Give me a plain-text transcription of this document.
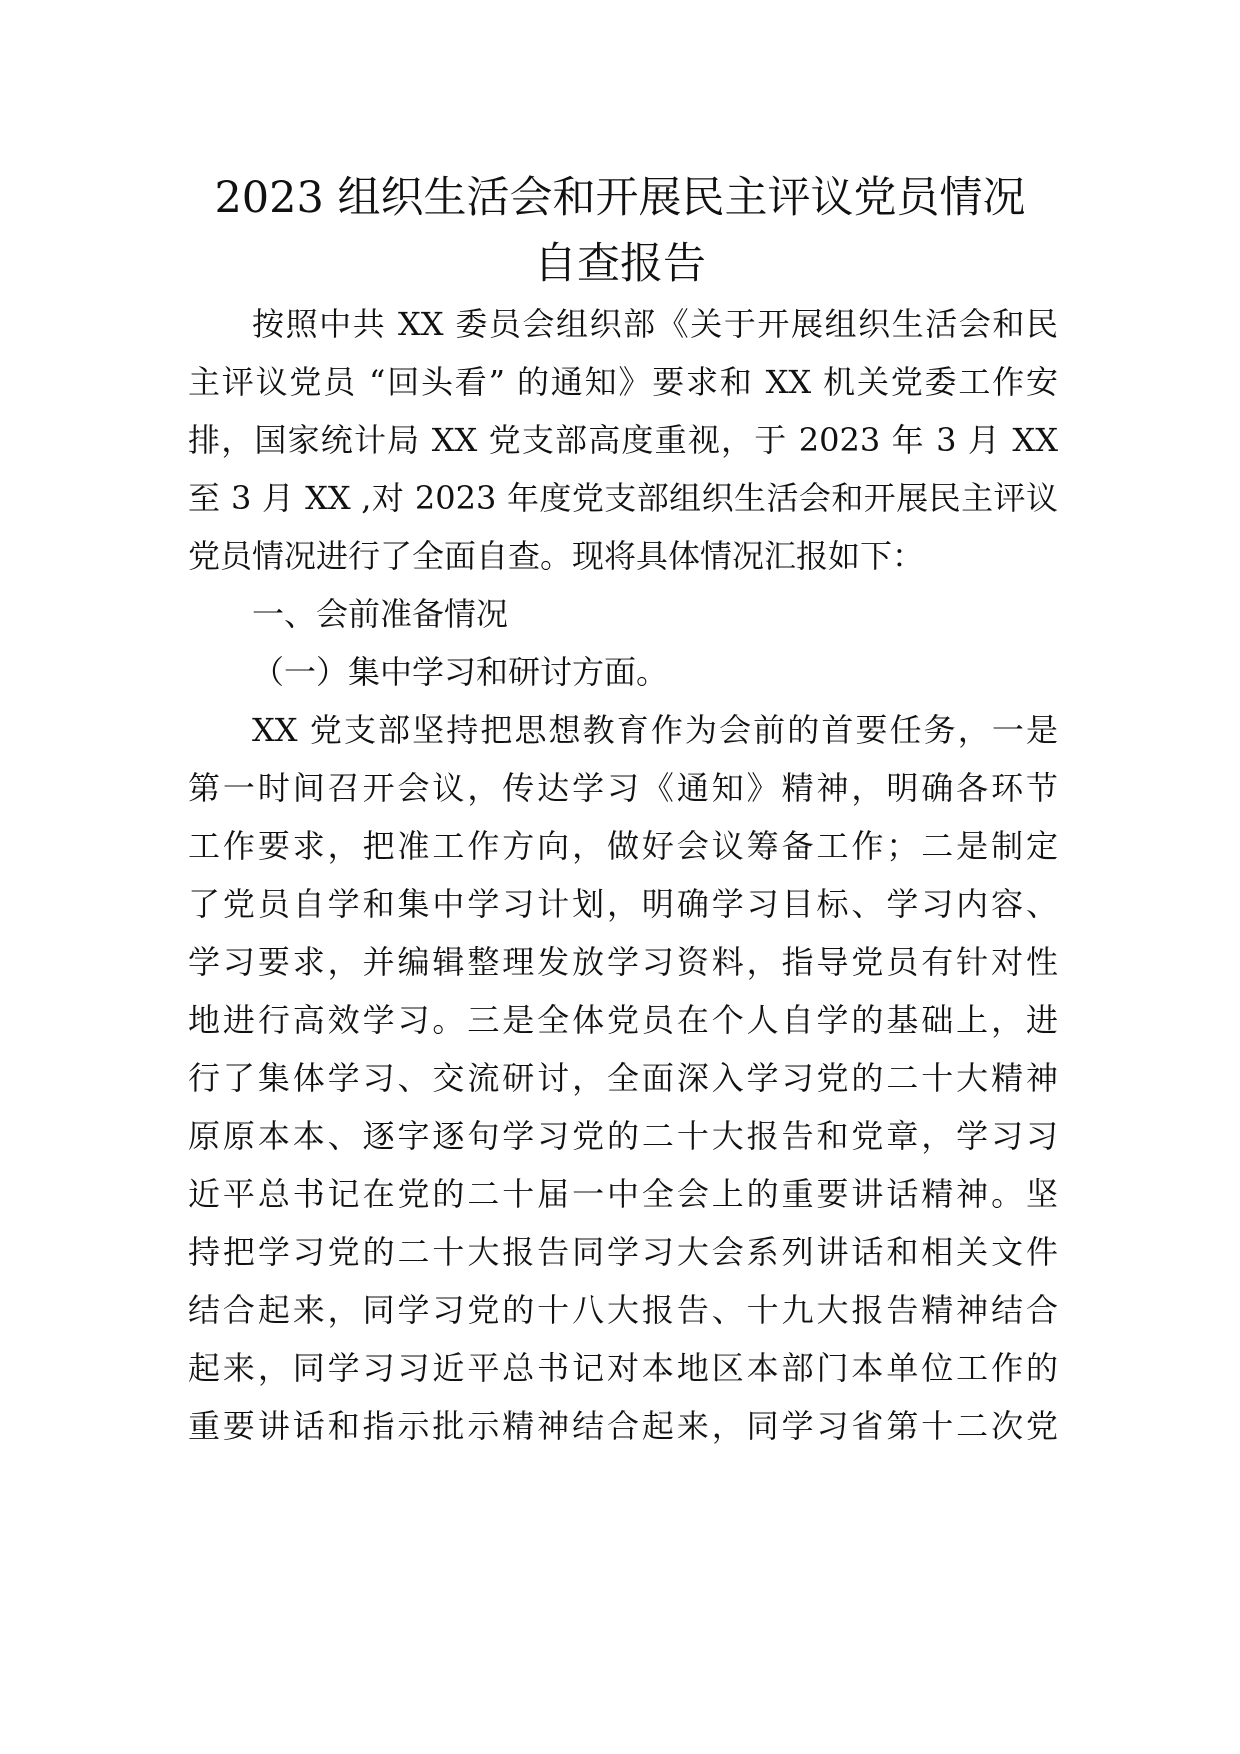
2023 组织生活会和开展民主评议党员情况
自查报告
按照中共 XX 委员会组织部《关于开展组织生活会和民
主评议党员 “回头看” 的通知》要求和 XX 机关党委工作安
排，国家统计局 XX 党支部高度重视，于 2023 年 3 月 XX
至 3 月 XX ,对 2023 年度党支部组织生活会和开展民主评议
党员情况进行了全面自查。现将具体情况汇报如下：
一、会前准备情况
（一）集中学习和研讨方面。
XX 党支部坚持把思想教育作为会前的首要任务，一是
第一时间召开会议，传达学习《通知》精神，明确各环节
工作要求，把准工作方向，做好会议筹备工作；二是制定
了党员自学和集中学习计划，明确学习目标、学习内容、
学习要求，并编辑整理发放学习资料，指导党员有针对性
地进行高效学习。三是全体党员在个人自学的基础上，进
行了集体学习、交流研讨，全面深入学习党的二十大精神
原原本本、逐字逐句学习党的二十大报告和党章，学习习
近平总书记在党的二十届一中全会上的重要讲话精神。坚
持把学习党的二十大报告同学习大会系列讲话和相关文件
结合起来，同学习党的十八大报告、十九大报告精神结合
起来，同学习习近平总书记对本地区本部门本单位工作的
重要讲话和指示批示精神结合起来，同学习省第十二次党
